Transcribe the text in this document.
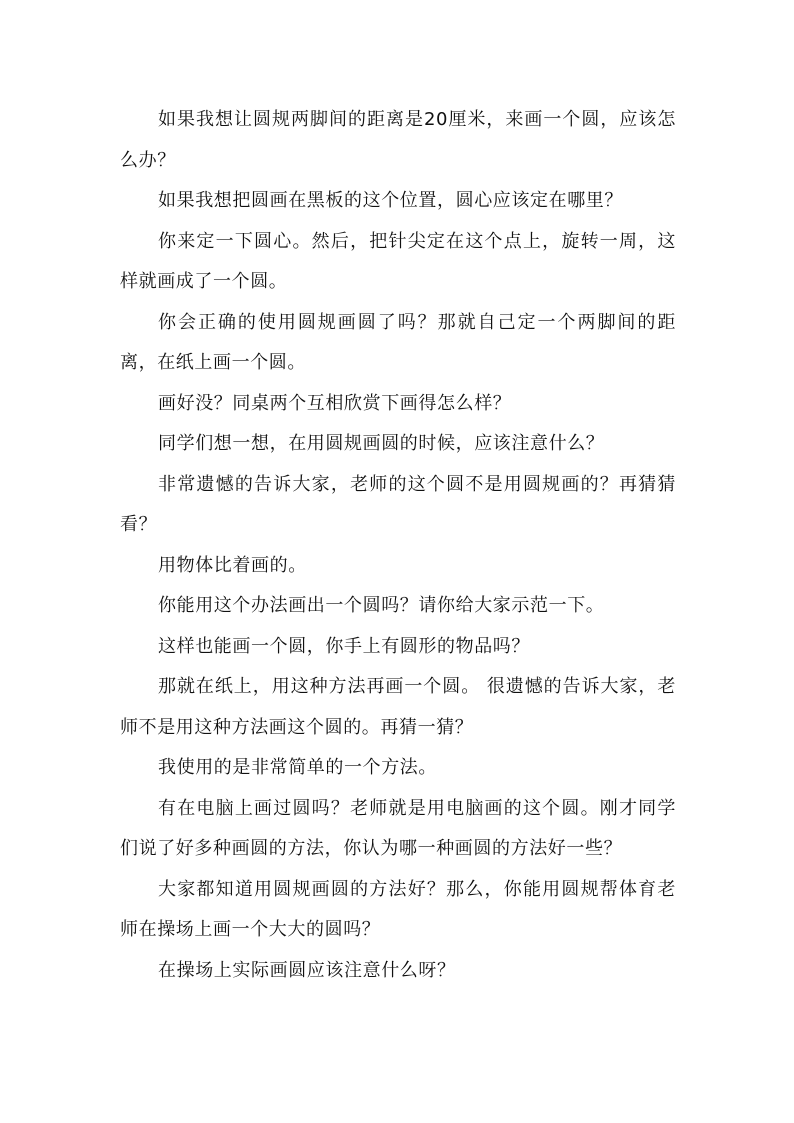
如果我想让圆规两脚间的距离是20厘米，来画一个圆，应该怎么办？

如果我想把圆画在黑板的这个位置，圆心应该定在哪里？

你来定一下圆心。然后，把针尖定在这个点上，旋转一周，这样就画成了一个圆。

你会正确的使用圆规画圆了吗？那就自己定一个两脚间的距离，在纸上画一个圆。

画好没？同桌两个互相欣赏下画得怎么样？

同学们想一想，在用圆规画圆的时候，应该注意什么？

非常遗憾的告诉大家，老师的这个圆不是用圆规画的？再猜猜看？

用物体比着画的。

你能用这个办法画出一个圆吗？请你给大家示范一下。

这样也能画一个圆，你手上有圆形的物品吗？

那就在纸上，用这种方法再画一个圆。 很遗憾的告诉大家，老师不是用这种方法画这个圆的。再猜一猜？

我使用的是非常简单的一个方法。

有在电脑上画过圆吗？老师就是用电脑画的这个圆。刚才同学们说了好多种画圆的方法，你认为哪一种画圆的方法好一些？

大家都知道用圆规画圆的方法好？那么，你能用圆规帮体育老师在操场上画一个大大的圆吗？

在操场上实际画圆应该注意什么呀？
